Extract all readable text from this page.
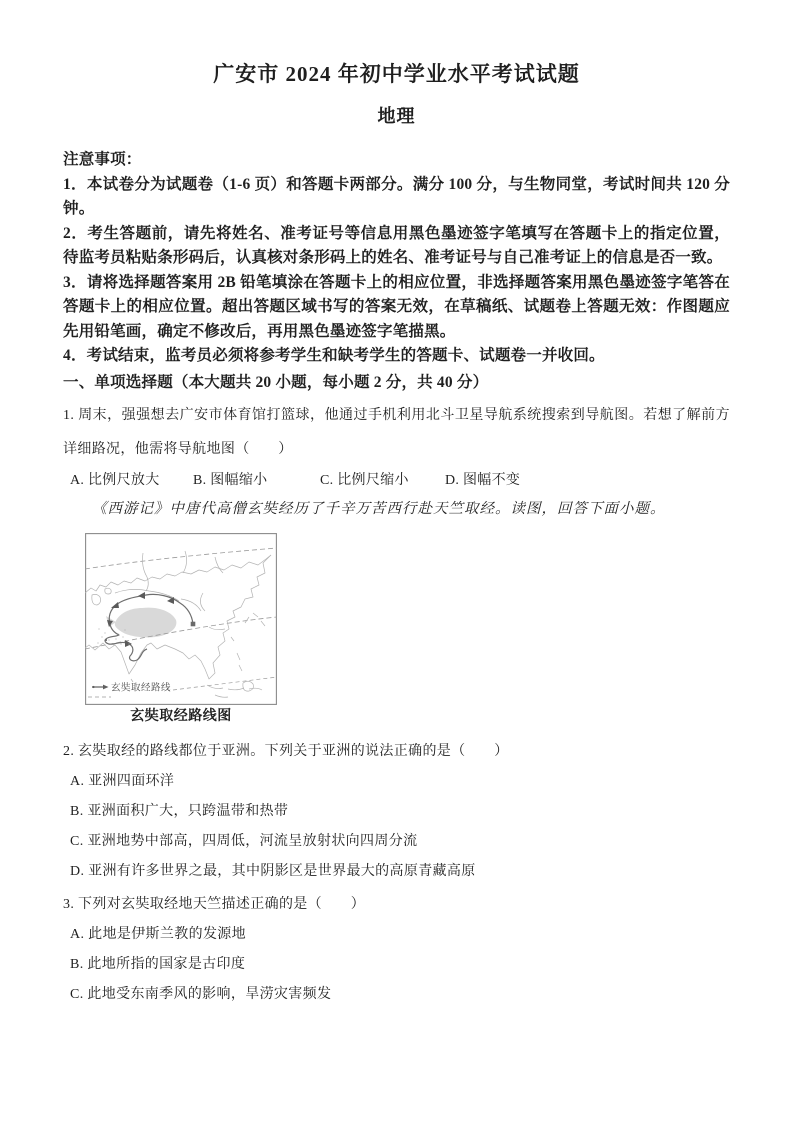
广安市 2024 年初中学业水平考试试题
地理

注意事项：

1．本试卷分为试题卷（1-6 页）和答题卡两部分。满分 100 分，与生物同堂，考试时间共 120 分钟。

2．考生答题前，请先将姓名、准考证号等信息用黑色墨迹签字笔填写在答题卡上的指定位置，待监考员粘贴条形码后，认真核对条形码上的姓名、准考证号与自己准考证上的信息是否一致。

3．请将选择题答案用 2B 铅笔填涂在答题卡上的相应位置，非选择题答案用黑色墨迹签字笔答在答题卡上的相应位置。超出答题区域书写的答案无效，在草稿纸、试题卷上答题无效：作图题应先用铅笔画，确定不修改后，再用黑色墨迹签字笔描黑。

4．考试结束，监考员必须将参考学生和缺考学生的答题卡、试题卷一并收回。

一、单项选择题（本大题共 20 小题，每小题 2 分，共 40 分）

1. 周末，强强想去广安市体育馆打篮球，他通过手机利用北斗卫星导航系统搜索到导航图。若想了解前方详细路况，他需将导航地图（　　）

A. 比例尺放大	B. 图幅缩小	C. 比例尺缩小	D. 图幅不变

《西游记》中唐代高僧玄奘经历了千辛万苦西行赴天竺取经。读图，回答下面小题。

玄奘取经路线
玄奘取经路线图

2. 玄奘取经的路线都位于亚洲。下列关于亚洲的说法正确的是（　　）

A. 亚洲四面环洋

B. 亚洲面积广大，只跨温带和热带

C. 亚洲地势中部高，四周低，河流呈放射状向四周分流

D. 亚洲有许多世界之最，其中阴影区是世界最大的高原青藏高原

3. 下列对玄奘取经地天竺描述正确的是（　　）

A. 此地是伊斯兰教的发源地

B. 此地所指的国家是古印度

C. 此地受东南季风的影响，旱涝灾害频发
